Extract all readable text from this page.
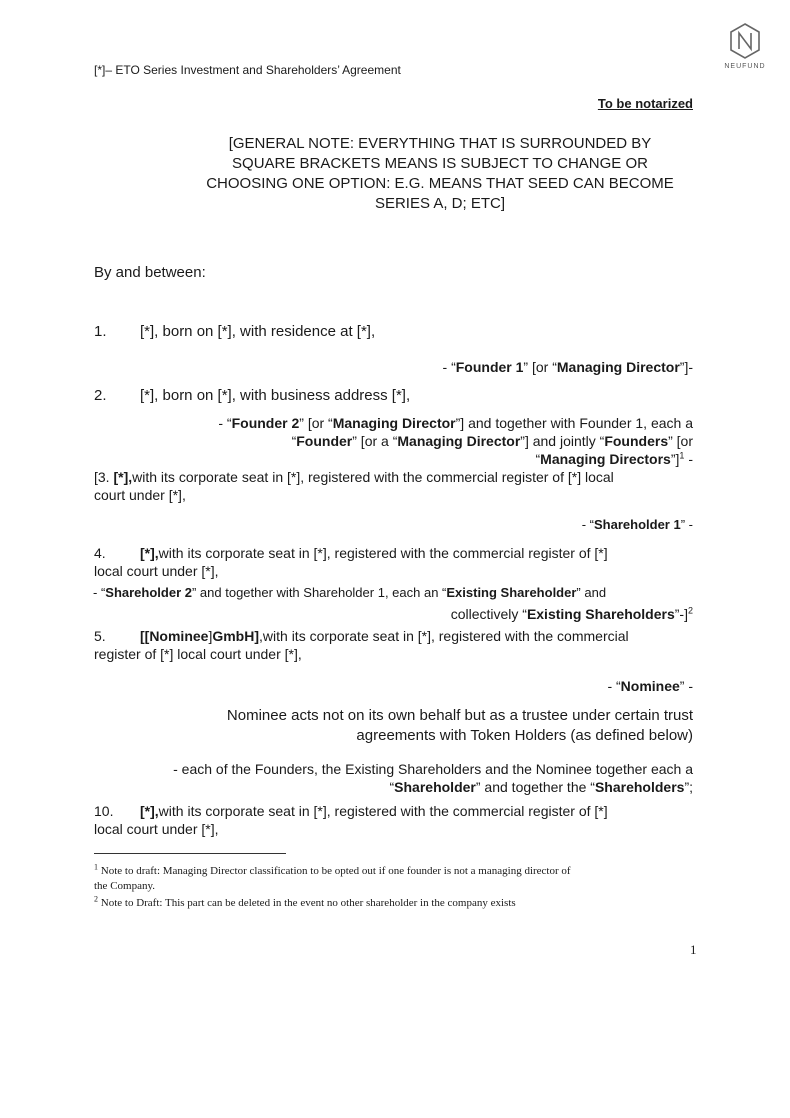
[*]– ETO Series Investment and Shareholders’ Agreement	NEUFUND
To be notarized
[GENERAL NOTE: EVERYTHING THAT IS SURROUNDED BY
SQUARE BRACKETS MEANS IS SUBJECT TO CHANGE OR
CHOOSING ONE OPTION: E.G. MEANS THAT SEED CAN BECOME
SERIES A, D; ETC]
By and between:
1. [*], born on [*], with residence at [*],
- “Founder 1” [or “Managing Director”]-
2. [*], born on [*], with business address [*],
- “Founder 2” [or “Managing Director”] and together with Founder 1, each a
“Founder” [or a “Managing Director”] and jointly “Founders” [or
“Managing Directors”]$^1$ -
[3. [*],with its corporate seat in [*], registered with the commercial register of [*] local
court under [*],
- “Shareholder 1” -
4. [*],with its corporate seat in [*], registered with the commercial register of [*]
local court under [*],
- “Shareholder 2” and together with Shareholder 1, each an “Existing Shareholder” and
collectively “Existing Shareholders”-]$^2$
5. [[Nominee]GmbH],with its corporate seat in [*], registered with the commercial
register of [*] local court under [*],
- “Nominee” -
Nominee acts not on its own behalf but as a trustee under certain trust
agreements with Token Holders (as defined below)
- each of the Founders, the Existing Shareholders and the Nominee together each a
“Shareholder” and together the “Shareholders”;
10. [*],with its corporate seat in [*], registered with the commercial register of [*]
local court under [*],
$^1$ Note to draft: Managing Director classification to be opted out if one founder is not a managing director of
the Company.
$^2$ Note to Draft: This part can be deleted in the event no other shareholder in the company exists
1
